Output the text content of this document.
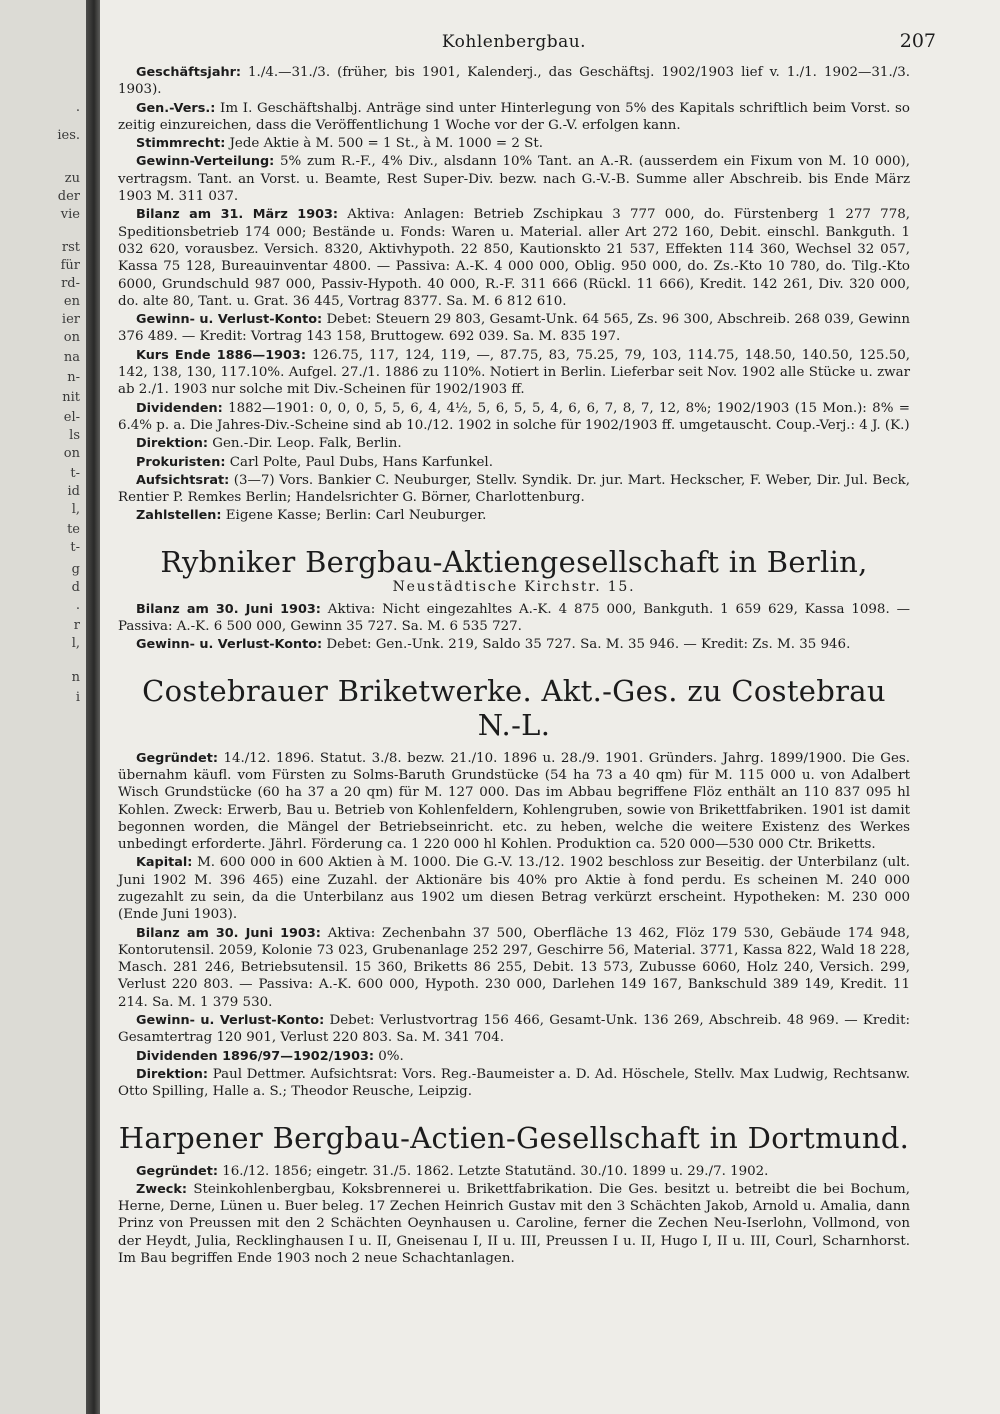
.
ies.
zu
der
vie
rst
für
rd-
en
ier
on
na
n-
nit
el-
ls
on
t-
id
l,
te
t-
g
d
.
r
l,
n
i
Kohlenbergbau.	207

Geschäftsjahr: 1./4.—31./3. (früher, bis 1901, Kalenderj., das Geschäftsj. 1902/1903 lief v. 1./1. 1902—31./3. 1903).

Gen.-Vers.: Im I. Geschäftshalbj. Anträge sind unter Hinterlegung von 5% des Kapitals schriftlich beim Vorst. so zeitig einzureichen, dass die Veröffentlichung 1 Woche vor der G.-V. erfolgen kann.

Stimmrecht: Jede Aktie à M. 500 = 1 St., à M. 1000 = 2 St.

Gewinn-Verteilung: 5% zum R.-F., 4% Div., alsdann 10% Tant. an A.-R. (ausserdem ein Fixum von M. 10 000), vertragsm. Tant. an Vorst. u. Beamte, Rest Super-Div. bezw. nach G.-V.-B. Summe aller Abschreib. bis Ende März 1903 M. 311 037.

Bilanz am 31. März 1903: Aktiva: Anlagen: Betrieb Zschipkau 3 777 000, do. Fürstenberg 1 277 778, Speditionsbetrieb 174 000; Bestände u. Fonds: Waren u. Material. aller Art 272 160, Debit. einschl. Bankguth. 1 032 620, vorausbez. Versich. 8320, Aktivhypoth. 22 850, Kautionskto 21 537, Effekten 114 360, Wechsel 32 057, Kassa 75 128, Bureauinventar 4800. — Passiva: A.-K. 4 000 000, Oblig. 950 000, do. Zs.-Kto 10 780, do. Tilg.-Kto 6000, Grundschuld 987 000, Passiv-Hypoth. 40 000, R.-F. 311 666 (Rückl. 11 666), Kredit. 142 261, Div. 320 000, do. alte 80, Tant. u. Grat. 36 445, Vortrag 8377. Sa. M. 6 812 610.

Gewinn- u. Verlust-Konto: Debet: Steuern 29 803, Gesamt-Unk. 64 565, Zs. 96 300, Abschreib. 268 039, Gewinn 376 489. — Kredit: Vortrag 143 158, Bruttogew. 692 039. Sa. M. 835 197.

Kurs Ende 1886—1903: 126.75, 117, 124, 119, —, 87.75, 83, 75.25, 79, 103, 114.75, 148.50, 140.50, 125.50, 142, 138, 130, 117.10%. Aufgel. 27./1. 1886 zu 110%. Notiert in Berlin. Lieferbar seit Nov. 1902 alle Stücke u. zwar ab 2./1. 1903 nur solche mit Div.-Scheinen für 1902/1903 ff.

Dividenden: 1882—1901: 0, 0, 0, 5, 5, 6, 4, 4½, 5, 6, 5, 5, 4, 6, 6, 7, 8, 7, 12, 8%; 1902/1903 (15 Mon.): 8% = 6.4% p. a. Die Jahres-Div.-Scheine sind ab 10./12. 1902 in solche für 1902/1903 ff. umgetauscht. Coup.-Verj.: 4 J. (K.)

Direktion: Gen.-Dir. Leop. Falk, Berlin.

Prokuristen: Carl Polte, Paul Dubs, Hans Karfunkel.

Aufsichtsrat: (3—7) Vors. Bankier C. Neuburger, Stellv. Syndik. Dr. jur. Mart. Heckscher, F. Weber, Dir. Jul. Beck, Rentier P. Remkes Berlin; Handelsrichter G. Börner, Charlottenburg.

Zahlstellen: Eigene Kasse; Berlin: Carl Neuburger.

Rybniker Bergbau-Aktiengesellschaft in Berlin,
Neustädtische Kirchstr. 15.

Bilanz am 30. Juni 1903: Aktiva: Nicht eingezahltes A.-K. 4 875 000, Bankguth. 1 659 629, Kassa 1098. — Passiva: A.-K. 6 500 000, Gewinn 35 727. Sa. M. 6 535 727.

Gewinn- u. Verlust-Konto: Debet: Gen.-Unk. 219, Saldo 35 727. Sa. M. 35 946. — Kredit: Zs. M. 35 946.

Costebrauer Briketwerke. Akt.-Ges. zu Costebrau N.-L.

Gegründet: 14./12. 1896. Statut. 3./8. bezw. 21./10. 1896 u. 28./9. 1901. Gründers. Jahrg. 1899/1900. Die Ges. übernahm käufl. vom Fürsten zu Solms-Baruth Grundstücke (54 ha 73 a 40 qm) für M. 115 000 u. von Adalbert Wisch Grundstücke (60 ha 37 a 20 qm) für M. 127 000. Das im Abbau begriffene Flöz enthält an 110 837 095 hl Kohlen. Zweck: Erwerb, Bau u. Betrieb von Kohlenfeldern, Kohlengruben, sowie von Brikettfabriken. 1901 ist damit begonnen worden, die Mängel der Betriebseinricht. etc. zu heben, welche die weitere Existenz des Werkes unbedingt erforderte. Jährl. Förderung ca. 1 220 000 hl Kohlen. Produktion ca. 520 000—530 000 Ctr. Briketts.

Kapital: M. 600 000 in 600 Aktien à M. 1000. Die G.-V. 13./12. 1902 beschloss zur Beseitig. der Unterbilanz (ult. Juni 1902 M. 396 465) eine Zuzahl. der Aktionäre bis 40% pro Aktie à fond perdu. Es scheinen M. 240 000 zugezahlt zu sein, da die Unterbilanz aus 1902 um diesen Betrag verkürzt erscheint. Hypotheken: M. 230 000 (Ende Juni 1903).

Bilanz am 30. Juni 1903: Aktiva: Zechenbahn 37 500, Oberfläche 13 462, Flöz 179 530, Gebäude 174 948, Kontorutensil. 2059, Kolonie 73 023, Grubenanlage 252 297, Geschirre 56, Material. 3771, Kassa 822, Wald 18 228, Masch. 281 246, Betriebsutensil. 15 360, Briketts 86 255, Debit. 13 573, Zubusse 6060, Holz 240, Versich. 299, Verlust 220 803. — Passiva: A.-K. 600 000, Hypoth. 230 000, Darlehen 149 167, Bankschuld 389 149, Kredit. 11 214. Sa. M. 1 379 530.

Gewinn- u. Verlust-Konto: Debet: Verlustvortrag 156 466, Gesamt-Unk. 136 269, Abschreib. 48 969. — Kredit: Gesamtertrag 120 901, Verlust 220 803. Sa. M. 341 704.

Dividenden 1896/97—1902/1903: 0%.

Direktion: Paul Dettmer. Aufsichtsrat: Vors. Reg.-Baumeister a. D. Ad. Höschele, Stellv. Max Ludwig, Rechtsanw. Otto Spilling, Halle a. S.; Theodor Reusche, Leipzig.

Harpener Bergbau-Actien-Gesellschaft in Dortmund.

Gegründet: 16./12. 1856; eingetr. 31./5. 1862. Letzte Statutänd. 30./10. 1899 u. 29./7. 1902.

Zweck: Steinkohlenbergbau, Koksbrennerei u. Brikettfabrikation. Die Ges. besitzt u. betreibt die bei Bochum, Herne, Derne, Lünen u. Buer beleg. 17 Zechen Heinrich Gustav mit den 3 Schächten Jakob, Arnold u. Amalia, dann Prinz von Preussen mit den 2 Schächten Oeynhausen u. Caroline, ferner die Zechen Neu-Iserlohn, Vollmond, von der Heydt, Julia, Recklinghausen I u. II, Gneisenau I, II u. III, Preussen I u. II, Hugo I, II u. III, Courl, Scharnhorst. Im Bau begriffen Ende 1903 noch 2 neue Schachtanlagen.
